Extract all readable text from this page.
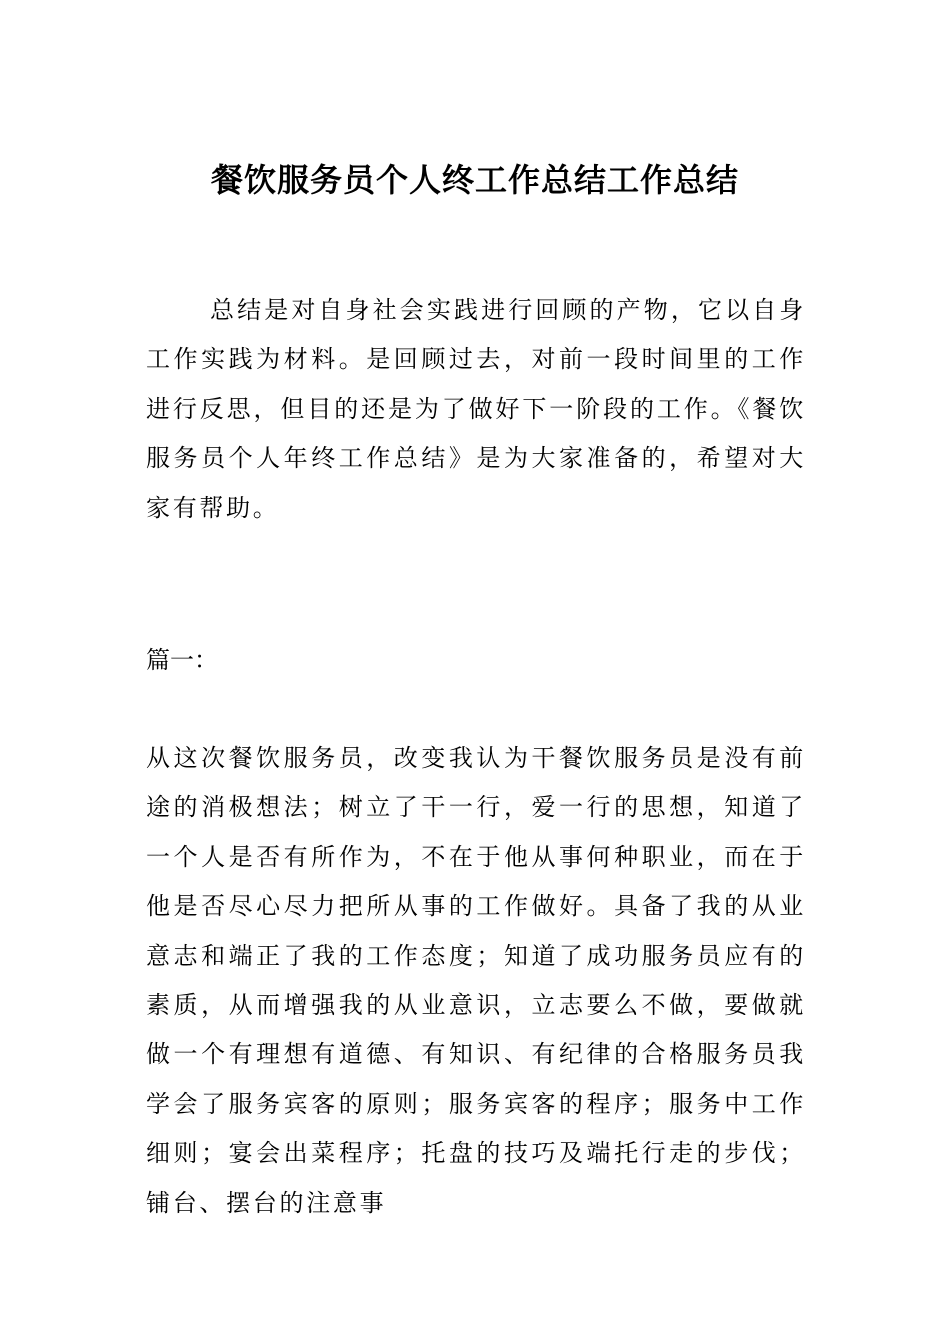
餐饮服务员个人终工作总结工作总结

总结是对自身社会实践进行回顾的产物，它以自身工作实践为材料。是回顾过去，对前一段时间里的工作进行反思，但目的还是为了做好下一阶段的工作。《餐饮服务员个人年终工作总结》是为大家准备的，希望对大家有帮助。

篇一：

从这次餐饮服务员，改变我认为干餐饮服务员是没有前途的消极想法；树立了干一行，爱一行的思想，知道了一个人是否有所作为，不在于他从事何种职业，而在于他是否尽心尽力把所从事的工作做好。具备了我的从业意志和端正了我的工作态度；知道了成功服务员应有的素质，从而增强我的从业意识，立志要么不做，要做就做一个有理想有道德、有知识、有纪律的合格服务员我学会了服务宾客的原则；服务宾客的程序；服务中工作细则；宴会出菜程序；托盘的技巧及端托行走的步伐；铺台、摆台的注意事
